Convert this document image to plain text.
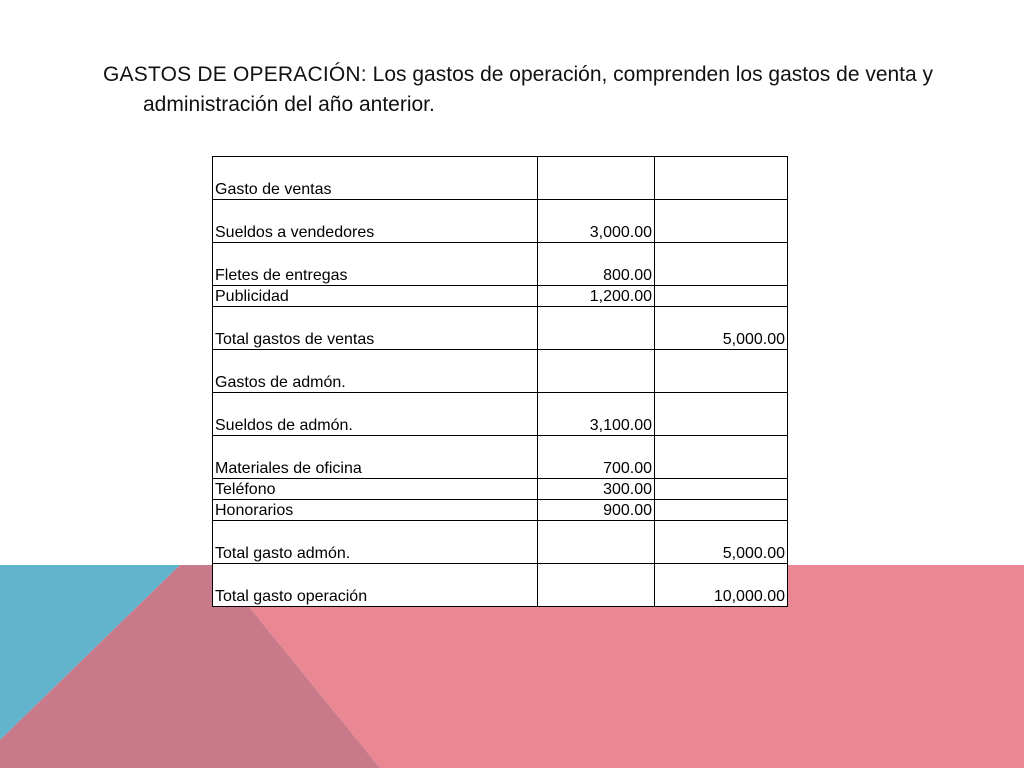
GASTOS DE OPERACIÓN: Los gastos de operación, comprenden los gastos de venta y administración del año anterior.

Gasto de ventas		
Sueldos a vendedores	3,000.00	
Fletes de entregas	800.00	
Publicidad	1,200.00	
Total gastos de ventas		5,000.00
Gastos de admón.		
Sueldos de admón.	3,100.00	
Materiales de oficina	700.00	
Teléfono	300.00	
Honorarios	900.00	
Total gasto admón.		5,000.00
Total gasto operación		10,000.00
